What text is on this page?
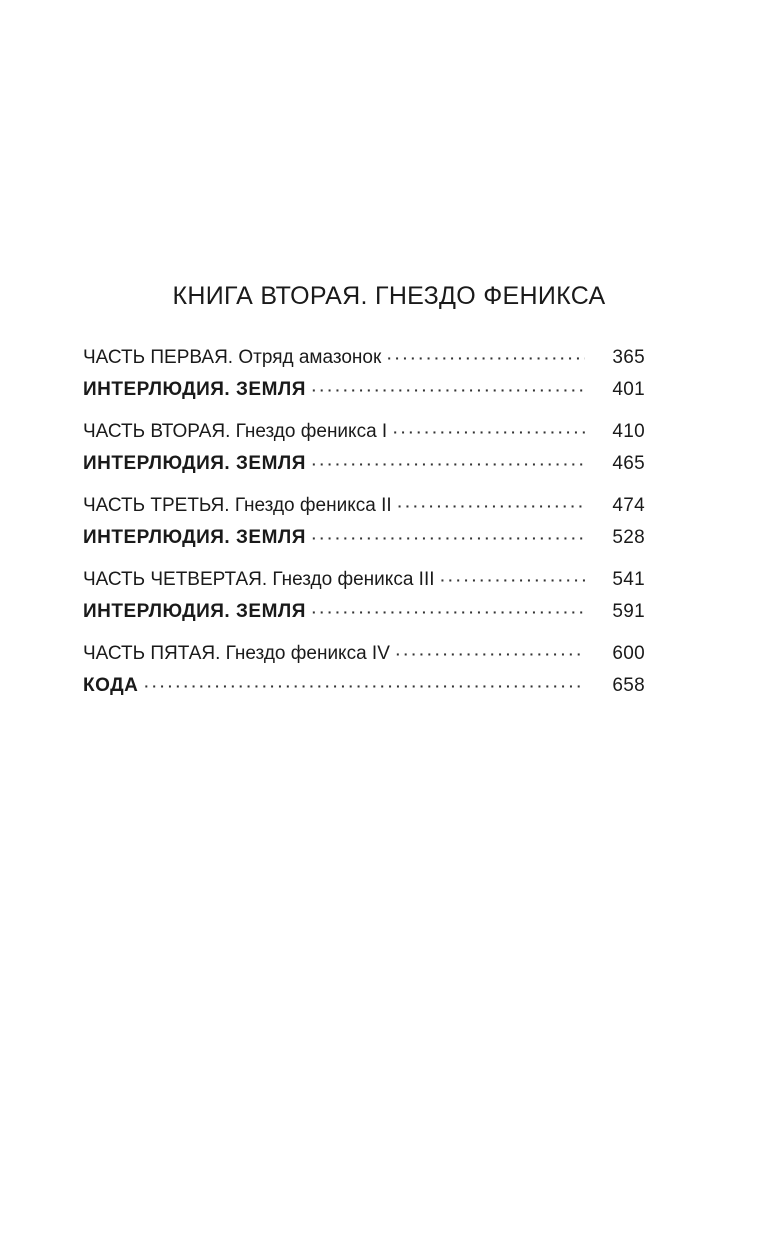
КНИГА ВТОРАЯ. ГНЕЗДО ФЕНИКСА
ЧАСТЬ ПЕРВАЯ. Отряд амазонок ·····	365
ИНТЕРЛЮДИЯ. ЗЕМЛЯ ·····	401
ЧАСТЬ ВТОРАЯ. Гнездо феникса I ·····	410
ИНТЕРЛЮДИЯ. ЗЕМЛЯ ·····	465
ЧАСТЬ ТРЕТЬЯ. Гнездо феникса II ·····	474
ИНТЕРЛЮДИЯ. ЗЕМЛЯ ·····	528
ЧАСТЬ ЧЕТВЕРТАЯ. Гнездо феникса III ·····	541
ИНТЕРЛЮДИЯ. ЗЕМЛЯ ·····	591
ЧАСТЬ ПЯТАЯ. Гнездо феникса IV ·····	600
КОДА ·····	658
